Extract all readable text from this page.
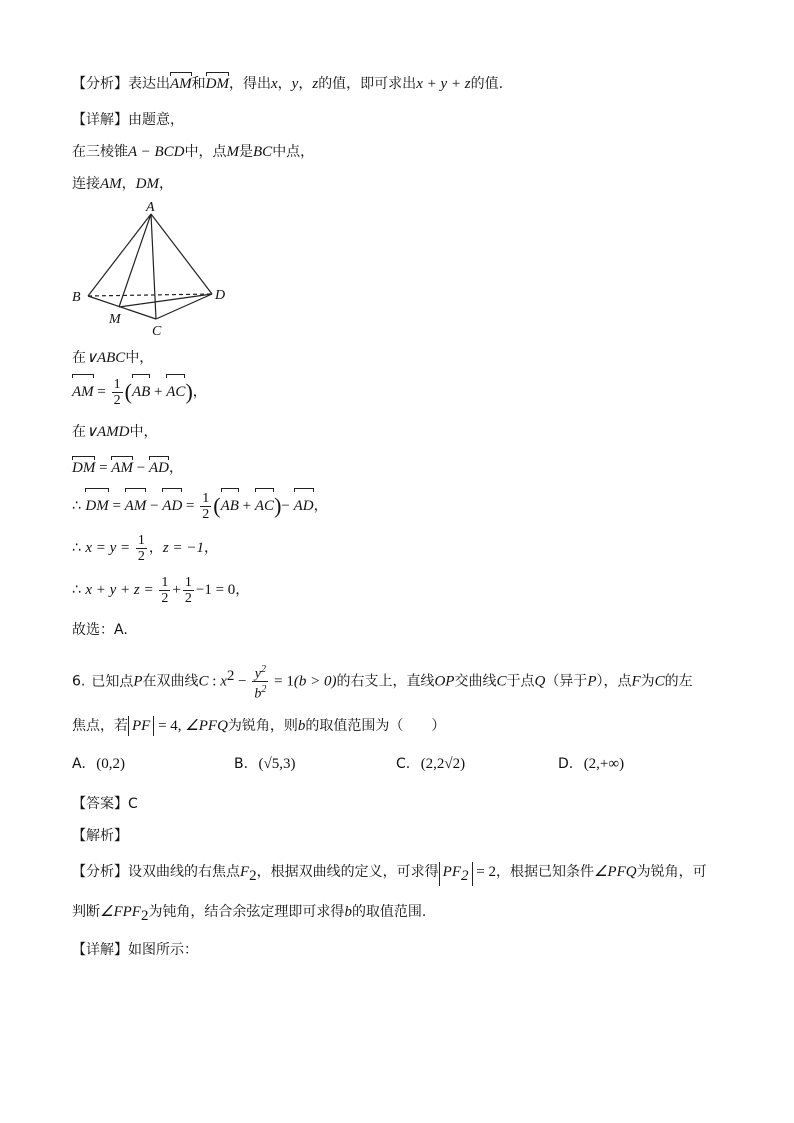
【分析】表达出AM和DM，得出x，y，z的值，即可求出x + y + z的值.
【详解】由题意，
在三棱锥A − BCD中，点M是BC中点，
连接AM，DM，
A
B
C
D
M
在∨ABC中，
AM = $\frac{1}{2} (AB + AC)$，
在∨AMD中，
DM = AM − AD，
∴ DM = AM − AD = $\frac{1}{2} (AB + AC)-$ AD，
∴ $x = y = \frac{1}{2}$ ，z = −1，
∴ $x + y + z = \frac{1}{2} + \frac{1}{2} -1 = 0$，
故选：A.
6. 已知点P在双曲线C : $x^2 - \frac{y^2}{b^2} = 1(b > 0)$的右支上，直线OP交曲线C于点Q（异于P），点F为C的左
焦点，若 PF = 4, ∠PFQ为锐角，则b的取值范围为（　　）
A. (0,2)	B. (√5,3)	C. (2,2√2)	D. (2,+∞)
【答案】C
【解析】
【分析】设双曲线的右焦点$F_2$，根据双曲线的定义，可求得 $PF_2 = 2$，根据已知条件∠PFQ为锐角，可
判断$\angle FPF_2$为钝角，结合余弦定理即可求得b的取值范围.
【详解】如图所示：
